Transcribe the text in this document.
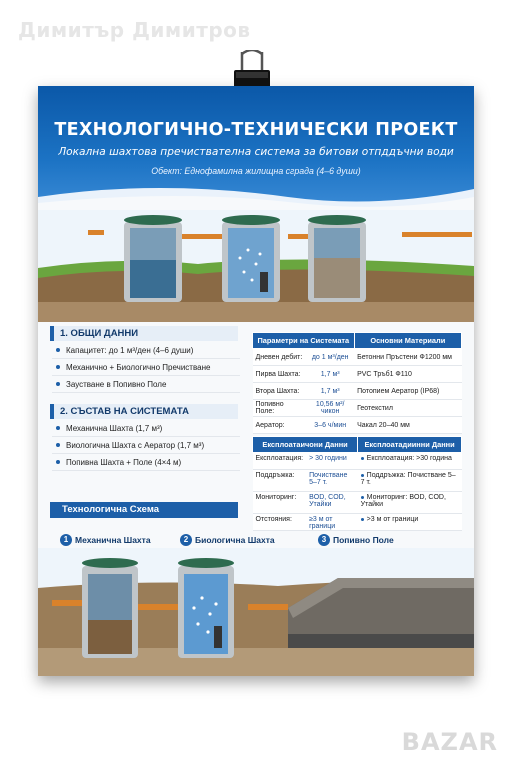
Димитър Димитров
ТЕХНОЛОГИЧНО-ТЕХНИЧЕСКИ ПРОЕКТ
Локална шахтова пречиствателна система за битови отпддъчни води
Обект: Еднофамилна жилищна сграда (4–6 души)
1. ОБЩИ ДАННИ
Капацитет: до 1 м³/ден (4–6 души)
Механично + Биологично Пречистване
Заустване в Попивно Поле
2. СЪСТАВ НА СИСТЕМАТА
Механична Шахта (1,7 м³)
Виологична Шахта с Аератор (1,7 м³)
Попивна Шахта + Поле (4×4 м)
Параметри на Системата		Основни Материали
Дневен дебит:	до 1 м³/ден	Бетонни Пръстени Ф1200 мм
Пирва Шахта:	1,7 м³	PVC Тръб1 Ф110
Втора Шахта:	1,7 м³	Потопием Аератор (IP68)
Попивно Поле:	10,56 м²/чикон	Геотекстил
Аератор:	3–6 ч/мин	Чакал 20–40 мм
Експлоатаичони Данни		Експлоатадиинни Данни
Експлоатация:	> 30 години	Експлоатация: >30 година
Поддръжка:	Почистване 5–7 т.	Поддръжка: Почистване 5–7 т.
Мониторинг:	BOD, COD, Утайки	Мониторинг: BOD, COD, Утайки
Отстояния:	≥3 м от граници	>3 м от граници
Технологична Схема
1 Механична Шахта	2 Биологична Шахта	3 Попивно Поле
BAZAR
